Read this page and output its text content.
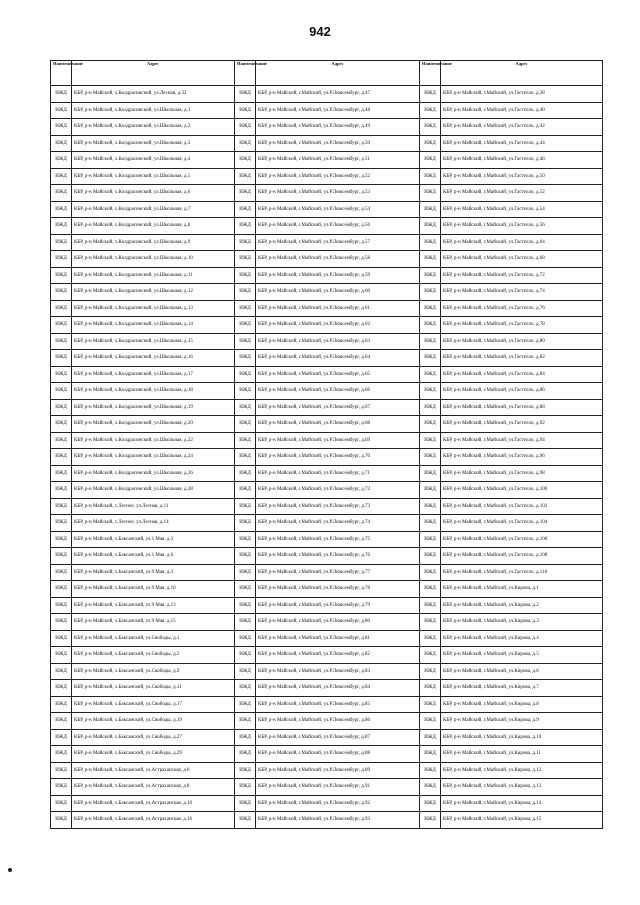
942
Наименование	Адрес	Наименование	Адрес	Наименование	Адрес
ИЖД	КБР, р-н Майский, х.Колдрасинский, ул.Лесная, д.32	ИЖД	КБР, р-н Майский, г.Майский, ул.Р.Люксембург, д.47	ИЖД	КБР, р-н Майский, г.Майский, ул.Гастелло, д.38
ИЖД	КБР, р-н Майский, х.Колдрасинский, ул.Школьная, д.1	ИЖД	КБР, р-н Майский, г.Майский, ул.Р.Люксембург, д.48	ИЖД	КБР, р-н Майский, г.Майский, ул.Гастелло, д.40
ИЖД	КБР, р-н Майский, х.Колдрасинский, ул.Школьная, д.2	ИЖД	КБР, р-н Майский, г.Майский, ул.Р.Люксембург, д.49	ИЖД	КБР, р-н Майский, г.Майский, ул.Гастелло, д.42
ИЖД	КБР, р-н Майский, х.Колдрасинский, ул.Школьная, д.3	ИЖД	КБР, р-н Майский, г.Майский, ул.Р.Люксембург, д.50	ИЖД	КБР, р-н Майский, г.Майский, ул.Гастелло, д.44
ИЖД	КБР, р-н Майский, х.Колдрасинский, ул.Школьная, д.4	ИЖД	КБР, р-н Майский, г.Майский, ул.Р.Люксембург, д.51	ИЖД	КБР, р-н Майский, г.Майский, ул.Гастелло, д.46
ИЖД	КБР, р-н Майский, х.Колдрасинский, ул.Школьная, д.5	ИЖД	КБР, р-н Майский, г.Майский, ул.Р.Люксембург, д.52	ИЖД	КБР, р-н Майский, г.Майский, ул.Гастелло, д.50
ИЖД	КБР, р-н Майский, х.Колдрасинский, ул.Школьная, д.6	ИЖД	КБР, р-н Майский, г.Майский, ул.Р.Люксембург, д.53	ИЖД	КБР, р-н Майский, г.Майский, ул.Гастелло, д.52
ИЖД	КБР, р-н Майский, х.Колдрасинский, ул.Школьная, д.7	ИЖД	КБР, р-н Майский, г.Майский, ул.Р.Люксембург, д.54	ИЖД	КБР, р-н Майский, г.Майский, ул.Гастелло, д.54
ИЖД	КБР, р-н Майский, х.Колдрасинский, ул.Школьная, д.8	ИЖД	КБР, р-н Майский, г.Майский, ул.Р.Люксембург, д.56	ИЖД	КБР, р-н Майский, г.Майский, ул.Гастелло, д.56
ИЖД	КБР, р-н Майский, х.Колдрасинский, ул.Школьная, д.9	ИЖД	КБР, р-н Майский, г.Майский, ул.Р.Люксембург, д.57	ИЖД	КБР, р-н Майский, г.Майский, ул.Гастелло, д.64
ИЖД	КБР, р-н Майский, х.Колдрасинский, ул.Школьная, д.10	ИЖД	КБР, р-н Майский, г.Майский, ул.Р.Люксембург, д.58	ИЖД	КБР, р-н Майский, г.Майский, ул.Гастелло, д.68
ИЖД	КБР, р-н Майский, х.Колдрасинский, ул.Школьная, д.11	ИЖД	КБР, р-н Майский, г.Майский, ул.Р.Люксембург, д.59	ИЖД	КБР, р-н Майский, г.Майский, ул.Гастелло, д.72
ИЖД	КБР, р-н Майский, х.Колдрасинский, ул.Школьная, д.12	ИЖД	КБР, р-н Майский, г.Майский, ул.Р.Люксембург, д.60	ИЖД	КБР, р-н Майский, г.Майский, ул.Гастелло, д.74
ИЖД	КБР, р-н Майский, х.Колдрасинский, ул.Школьная, д.13	ИЖД	КБР, р-н Майский, г.Майский, ул.Р.Люксембург, д.61	ИЖД	КБР, р-н Майский, г.Майский, ул.Гастелло, д.76
ИЖД	КБР, р-н Майский, х.Колдрасинский, ул.Школьная, д.14	ИЖД	КБР, р-н Майский, г.Майский, ул.Р.Люксембург, д.62	ИЖД	КБР, р-н Майский, г.Майский, ул.Гастелло, д.78
ИЖД	КБР, р-н Майский, х.Колдрасинский, ул.Школьная, д.15	ИЖД	КБР, р-н Майский, г.Майский, ул.Р.Люксембург, д.63	ИЖД	КБР, р-н Майский, г.Майский, ул.Гастелло, д.80
ИЖД	КБР, р-н Майский, х.Колдрасинский, ул.Школьная, д.16	ИЖД	КБР, р-н Майский, г.Майский, ул.Р.Люксембург, д.64	ИЖД	КБР, р-н Майский, г.Майский, ул.Гастелло, д.82
ИЖД	КБР, р-н Майский, х.Колдрасинский, ул.Школьная, д.17	ИЖД	КБР, р-н Майский, г.Майский, ул.Р.Люксембург, д.65	ИЖД	КБР, р-н Майский, г.Майский, ул.Гастелло, д.84
ИЖД	КБР, р-н Майский, х.Колдрасинский, ул.Школьная, д.18	ИЖД	КБР, р-н Майский, г.Майский, ул.Р.Люксембург, д.66	ИЖД	КБР, р-н Майский, г.Майский, ул.Гастелло, д.86
ИЖД	КБР, р-н Майский, х.Колдрасинский, ул.Школьная, д.19	ИЖД	КБР, р-н Майский, г.Майский, ул.Р.Люксембург, д.67	ИЖД	КБР, р-н Майский, г.Майский, ул.Гастелло, д.88
ИЖД	КБР, р-н Майский, х.Колдрасинский, ул.Школьная, д.20	ИЖД	КБР, р-н Майский, г.Майский, ул.Р.Люксембург, д.68	ИЖД	КБР, р-н Майский, г.Майский, ул.Гастелло, д.92
ИЖД	КБР, р-н Майский, х.Колдрасинский, ул.Школьная, д.22	ИЖД	КБР, р-н Майский, г.Майский, ул.Р.Люксембург, д.69	ИЖД	КБР, р-н Майский, г.Майский, ул.Гастелло, д.94
ИЖД	КБР, р-н Майский, х.Колдрасинский, ул.Школьная, д.24	ИЖД	КБР, р-н Майский, г.Майский, ул.Р.Люксембург, д.70	ИЖД	КБР, р-н Майский, г.Майский, ул.Гастелло, д.96
ИЖД	КБР, р-н Майский, х.Колдрасинский, ул.Школьная, д.26	ИЖД	КБР, р-н Майский, г.Майский, ул.Р.Люксембург, д.71	ИЖД	КБР, р-н Майский, г.Майский, ул.Гастелло, д.98
ИЖД	КБР, р-н Майский, х.Колдрасинский, ул.Школьная, д.28	ИЖД	КБР, р-н Майский, г.Майский, ул.Р.Люксембург, д.72	ИЖД	КБР, р-н Майский, г.Майский, ул.Гастелло, д.100
ИЖД	КБР, р-н Майский, с.Лесное, ул.Лесная, д.11	ИЖД	КБР, р-н Майский, г.Майский, ул.Р.Люксембург, д.73	ИЖД	КБР, р-н Майский, г.Майский, ул.Гастелло, д.102
ИЖД	КБР, р-н Майский, с.Лесное, ул.Лесная, д.14	ИЖД	КБР, р-н Майский, г.Майский, ул.Р.Люксембург, д.74	ИЖД	КБР, р-н Майский, г.Майский, ул.Гастелло, д.104
ИЖД	КБР, р-н Майский, х.Баксанский, ул.1 Мая, д.3	ИЖД	КБР, р-н Майский, г.Майский, ул.Р.Люксембург, д.75	ИЖД	КБР, р-н Майский, г.Майский, ул.Гастелло, д.106
ИЖД	КБР, р-н Майский, х.Баксанский, ул.1 Мая, д.6	ИЖД	КБР, р-н Майский, г.Майский, ул.Р.Люксембург, д.76	ИЖД	КБР, р-н Майский, г.Майский, ул.Гастелло, д.108
ИЖД	КБР, р-н Майский, х.Баксанский, ул.9 Мая, д.3	ИЖД	КБР, р-н Майский, г.Майский, ул.Р.Люксембург, д.77	ИЖД	КБР, р-н Майский, г.Майский, ул.Гастелло, д.110
ИЖД	КБР, р-н Майский, х.Баксанский, ул.9 Мая, д.10	ИЖД	КБР, р-н Майский, г.Майский, ул.Р.Люксембург, д.78	ИЖД	КБР, р-н Майский, г.Майский, ул.Кирова, д.1
ИЖД	КБР, р-н Майский, х.Баксанский, ул.9 Мая, д.13	ИЖД	КБР, р-н Майский, г.Майский, ул.Р.Люксембург, д.79	ИЖД	КБР, р-н Майский, г.Майский, ул.Кирова, д.2
ИЖД	КБР, р-н Майский, х.Баксанский, ул.9 Мая, д.15	ИЖД	КБР, р-н Майский, г.Майский, ул.Р.Люксембург, д.80	ИЖД	КБР, р-н Майский, г.Майский, ул.Кирова, д.3
ИЖД	КБР, р-н Майский, х.Баксанский, ул.Свободы, д.1	ИЖД	КБР, р-н Майский, г.Майский, ул.Р.Люксембург, д.81	ИЖД	КБР, р-н Майский, г.Майский, ул.Кирова, д.4
ИЖД	КБР, р-н Майский, х.Баксанский, ул.Свободы, д.2	ИЖД	КБР, р-н Майский, г.Майский, ул.Р.Люксембург, д.82	ИЖД	КБР, р-н Майский, г.Майский, ул.Кирова, д.5
ИЖД	КБР, р-н Майский, х.Баксанский, ул.Свободы, д.9	ИЖД	КБР, р-н Майский, г.Майский, ул.Р.Люксембург, д.83	ИЖД	КБР, р-н Майский, г.Майский, ул.Кирова, д.6
ИЖД	КБР, р-н Майский, х.Баксанский, ул.Свободы, д.11	ИЖД	КБР, р-н Майский, г.Майский, ул.Р.Люксембург, д.84	ИЖД	КБР, р-н Майский, г.Майский, ул.Кирова, д.7
ИЖД	КБР, р-н Майский, х.Баксанский, ул.Свободы, д.17	ИЖД	КБР, р-н Майский, г.Майский, ул.Р.Люксембург, д.85	ИЖД	КБР, р-н Майский, г.Майский, ул.Кирова, д.8
ИЖД	КБР, р-н Майский, х.Баксанский, ул.Свободы, д.19	ИЖД	КБР, р-н Майский, г.Майский, ул.Р.Люксембург, д.86	ИЖД	КБР, р-н Майский, г.Майский, ул.Кирова, д.9
ИЖД	КБР, р-н Майский, х.Баксанский, ул.Свободы, д.27	ИЖД	КБР, р-н Майский, г.Майский, ул.Р.Люксембург, д.87	ИЖД	КБР, р-н Майский, г.Майский, ул.Кирова, д.10
ИЖД	КБР, р-н Майский, х.Баксанский, ул.Свободы, д.29	ИЖД	КБР, р-н Майский, г.Майский, ул.Р.Люксембург, д.88	ИЖД	КБР, р-н Майский, г.Майский, ул.Кирова, д.11
ИЖД	КБР, р-н Майский, х.Баксанский, ул.Астраханская, д.6	ИЖД	КБР, р-н Майский, г.Майский, ул.Р.Люксембург, д.89	ИЖД	КБР, р-н Майский, г.Майский, ул.Кирова, д.12
ИЖД	КБР, р-н Майский, х.Баксанский, ул.Астраханская, д.8	ИЖД	КБР, р-н Майский, г.Майский, ул.Р.Люксембург, д.91	ИЖД	КБР, р-н Майский, г.Майский, ул.Кирова, д.13
ИЖД	КБР, р-н Майский, х.Баксанский, ул.Астраханская, д.10	ИЖД	КБР, р-н Майский, г.Майский, ул.Р.Люксембург, д.92	ИЖД	КБР, р-н Майский, г.Майский, ул.Кирова, д.14
ИЖД	КБР, р-н Майский, х.Баксанский, ул.Астраханская, д.16	ИЖД	КБР, р-н Майский, г.Майский, ул.Р.Люксембург, д.93	ИЖД	КБР, р-н Майский, г.Майский, ул.Кирова, д.15
